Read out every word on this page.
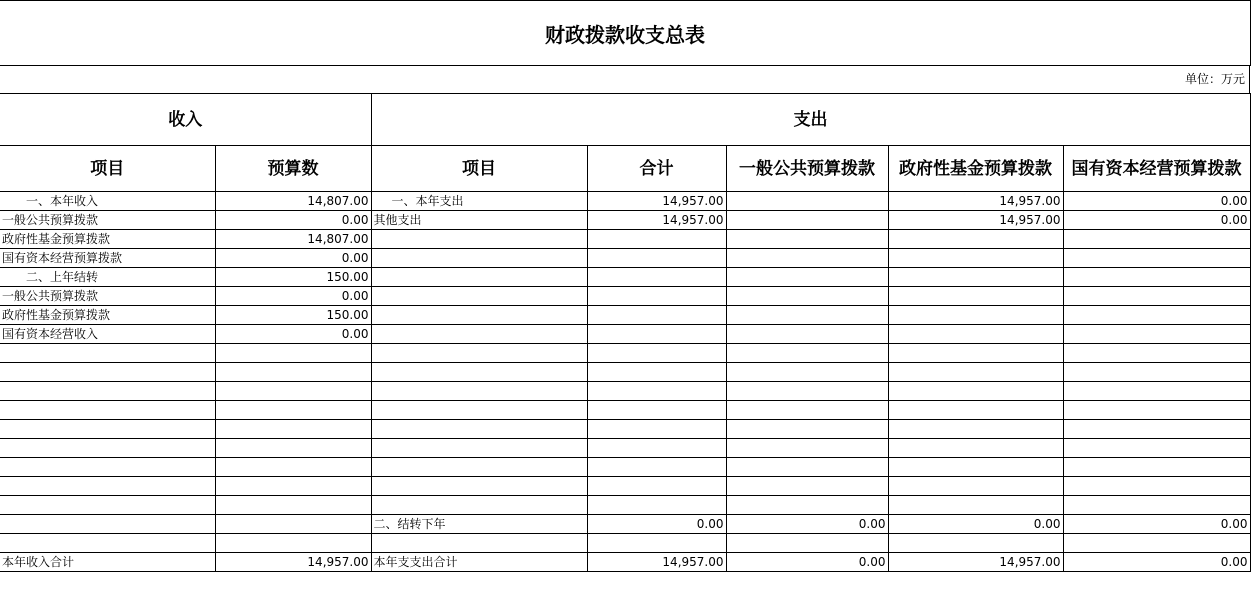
财政拨款收支总表
单位：万元
收入		支出				
项目	预算数	项目	合计	一般公共预算拨款	政府性基金预算拨款	国有资本经营预算拨款
一、本年收入	14,807.00	一、本年支出	14,957.00		14,957.00	0.00
一般公共预算拨款	0.00	其他支出	14,957.00		14,957.00	0.00
政府性基金预算拨款	14,807.00					
国有资本经营预算拨款	0.00					
二、上年结转	150.00					
一般公共预算拨款	0.00					
政府性基金预算拨款	150.00					
国有资本经营收入	0.00					

		二、结转下年	0.00	0.00	0.00	0.00

本年收入合计	14,957.00	本年支支出合计	14,957.00	0.00	14,957.00	0.00
